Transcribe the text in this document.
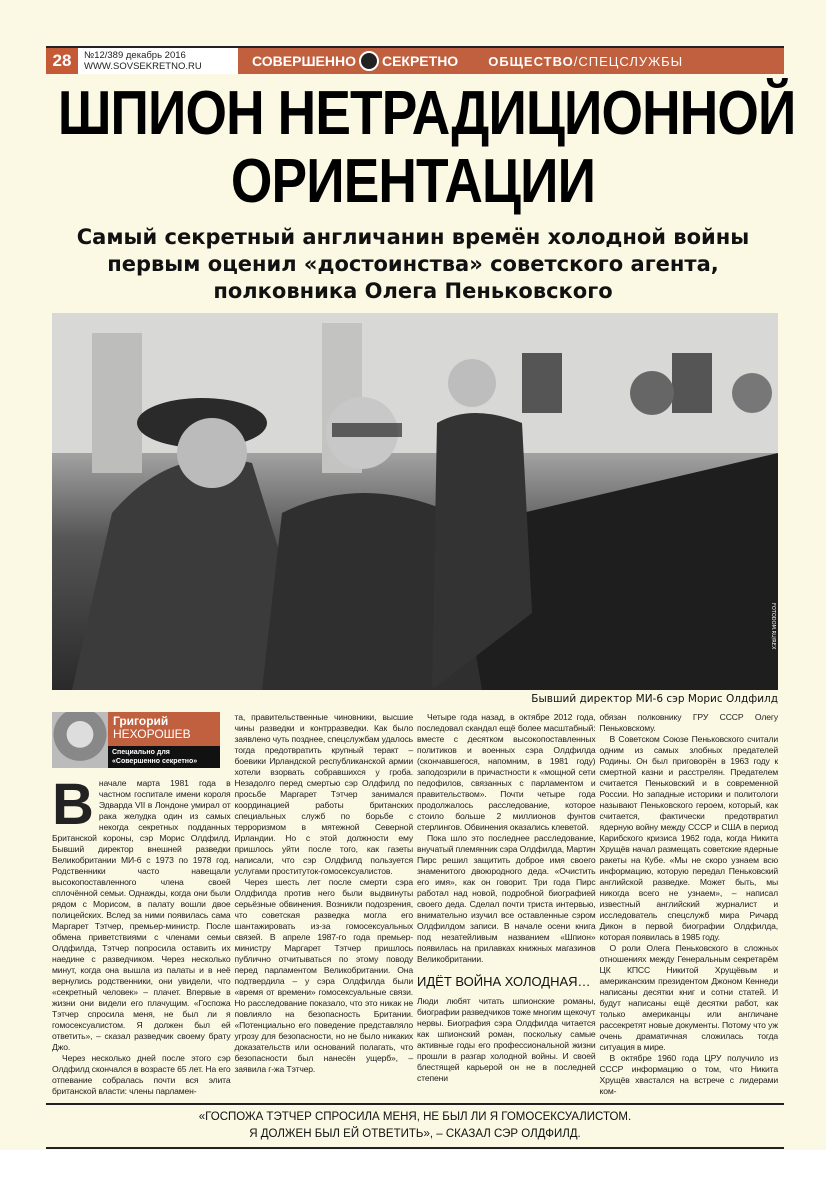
28	№12/389 декабрь 2016
WWW.SOVSEKRETNO.RU	СОВЕРШЕННО СЕКРЕТНО ОБЩЕСТВО/СПЕЦСЛУЖБЫ
ШПИОН НЕТРАДИЦИОННОЙ
ОРИЕНТАЦИИ
Самый секретный англичанин времён холодной войны
первым оценил «достоинства» советского агента,
полковника Олега Пеньковского
FOTODOM.RU/REX
Бывший директор МИ-6 сэр Морис Олдфилд
Григорий
НЕХОРОШЕВ
Специально для
«Совершенно секретно»
В начале марта 1981 года в частном госпитале имени короля Эдварда VII в Лондоне умирал от рака желудка один из самых некогда секретных подданных Британской короны, сэр Морис Олдфилд. Бывший директор внешней разведки Великобритании МИ-6 с 1973 по 1978 год. Родственники часто навещали высокопоставленного члена своей сплочённой семьи. Однажды, когда они были рядом с Морисом, в палату вошли двое полицейских. Вслед за ними появилась сама Маргарет Тэтчер, премьер-министр. После обмена приветствиями с членами семьи Олдфилда, Тэтчер попросила оставить их наедине с разведчиком. Через несколько минут, когда она вышла из палаты и в неё вернулись родственники, они увидели, что «секретный человек» – плачет. Впервые в жизни они видели его плачущим. «Госпожа Тэтчер спросила меня, не был ли я гомосексуалистом. Я должен был ей ответить», – сказал разведчик своему брату Джо.

Через несколько дней после этого сэр Олдфилд скончался в возрасте 65 лет. На его отпевание собралась почти вся элита британской власти: члены парламен-

та, правительственные чиновники, высшие чины разведки и контрразведки. Как было заявлено чуть позднее, спецслужбам удалось тогда предотвратить крупный теракт – боевики Ирландской республиканской армии хотели взорвать собравшихся у гроба. Незадолго перед смертью сэр Олдфилд по просьбе Маргарет Тэтчер занимался координацией работы британских специальных служб по борьбе с терроризмом в мятежной Северной Ирландии. Но с этой должности ему пришлось уйти после того, как газеты написали, что сэр Олдфилд пользуется услугами проституток-гомосексуалистов.

Через шесть лет после смерти сэра Олдфилда против него были выдвинуты серьёзные обвинения. Возникли подозрения, что советская разведка могла его шантажировать из-за гомосексуальных связей. В апреле 1987-го года премьер-министру Маргарет Тэтчер пришлось публично отчитываться по этому поводу перед парламентом Великобритании. Она подтвердила – у сэра Олдфилда были «время от времени» гомосексуальные связи. Но расследование показало, что это никак не повлияло на безопасность Британии. «Потенциально его поведение представляло угрозу для безопасности, но не было никаких доказательств или оснований полагать, что безопасности был нанесён ущерб», – заявила г-жа Тэтчер.

Четыре года назад, в октябре 2012 года, последовал скандал ещё более масштабный: вместе с десятком высокопоставленных политиков и военных сэра Олдфилда (скончавшегося, напомним, в 1981 году) заподозрили в причастности к «мощной сети педофилов, связанных с парламентом и правительством». Почти четыре года продолжалось расследование, которое стоило больше 2 миллионов фунтов стерлингов. Обвинения оказались клеветой.

Пока шло это последнее расследование, внучатый племянник сэра Олдфилда, Мартин Пирс решил защитить доброе имя своего знаменитого двоюродного деда. «Очистить его имя», как он говорит. Три года Пирс работал над новой, подробной биографией своего деда. Сделал почти триста интервью, внимательно изучил все оставленные сэром Олдфилдом записи. В начале осени книга под незатейливым названием «Шпион» появилась на прилавках книжных магазинов Великобритании.

ИДЁТ ВОЙНА ХОЛОДНАЯ…

Люди любят читать шпионские романы, биографии разведчиков тоже многим щекочут нервы. Биография сэра Олдфилда читается как шпионский роман, поскольку самые активные годы его профессиональной жизни прошли в разгар холодной войны. И своей блестящей карьерой он не в последней степени

обязан полковнику ГРУ СССР Олегу Пеньковскому.

В Советском Союзе Пеньковского считали одним из самых злобных предателей Родины. Он был приговорён в 1963 году к смертной казни и расстрелян. Предателем считается Пеньковский и в современной России. Но западные историки и политологи называют Пеньковского героем, который, как считается, фактически предотвратил ядерную войну между СССР и США в период Карибского кризиса 1962 года, когда Никита Хрущёв начал размещать советские ядерные ракеты на Кубе. «Мы не скоро узнаем всю информацию, которую передал Пеньковский английской разведке. Может быть, мы никогда всего не узнаем», – написал известный английский журналист и исследователь спецслужб мира Ричард Дикон в первой биографии Олдфилда, которая появилась в 1985 году.

О роли Олега Пеньковского в сложных отношениях между Генеральным секретарём ЦК КПСС Никитой Хрущёвым и американским президентом Джоном Кеннеди написаны десятки книг и сотни статей. И будут написаны ещё десятки работ, как только американцы или англичане рассекретят новые документы. Потому что уж очень драматичная сложилась тогда ситуация в мире.

В октябре 1960 года ЦРУ получило из СССР информацию о том, что Никита Хрущёв хвастался на встрече с лидерами ком-

«ГОСПОЖА ТЭТЧЕР СПРОСИЛА МЕНЯ, НЕ БЫЛ ЛИ Я ГОМОСЕКСУАЛИСТОМ.
Я ДОЛЖЕН БЫЛ ЕЙ ОТВЕТИТЬ», – СКАЗАЛ СЭР ОЛДФИЛД.
